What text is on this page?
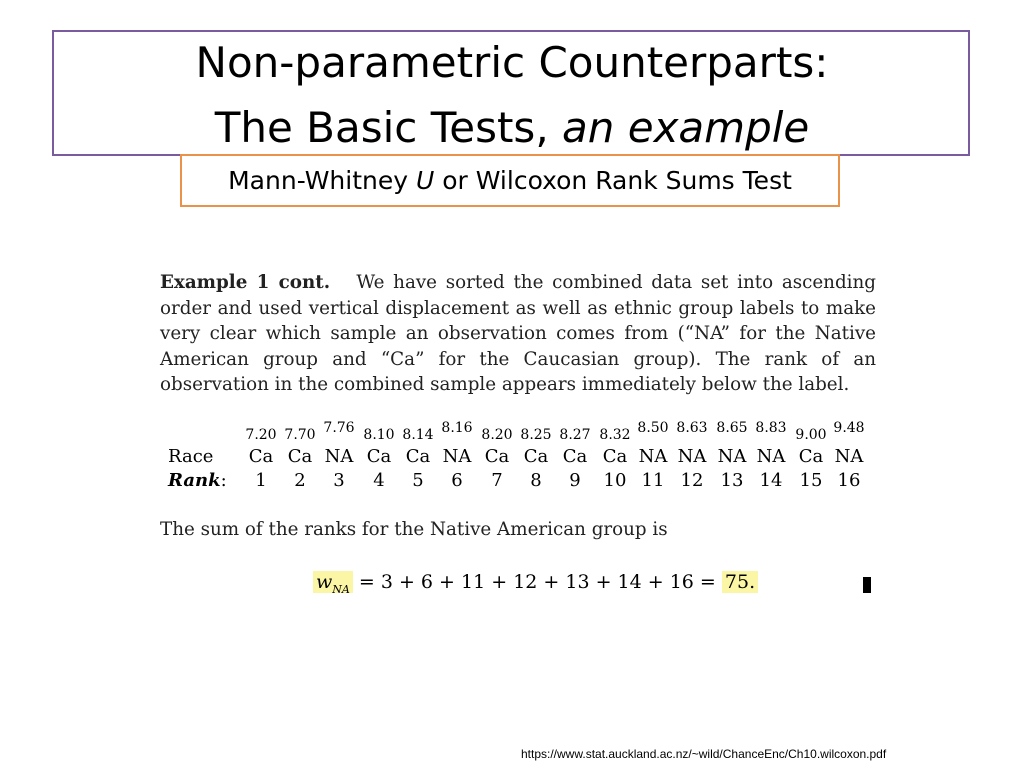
Non-parametric Counterparts:
The Basic Tests, an example
Mann-Whitney U or Wilcoxon Rank Sums Test
Example 1 cont. We have sorted the combined data set into ascending order and used vertical displacement as well as ethnic group labels to make very clear which sample an observation comes from (“NA” for the Native American group and “Ca” for the Caucasian group). The rank of an observation in the combined sample appears immediately below the label.
Race
Rank:
7.20
Ca
1
7.70
Ca
2
7.76
NA
3
8.10
Ca
4
8.14
Ca
5
8.16
NA
6
8.20
Ca
7
8.25
Ca
8
8.27
Ca
9
8.32
Ca
10
8.50
NA
11
8.63
NA
12
8.65
NA
13
8.83
NA
14
9.00
Ca
15
9.48
NA
16
The sum of the ranks for the Native American group is
$w_{NA} = 3 + 6 + 11 + 12 + 13 + 14 + 16 = 75$.
https://www.stat.auckland.ac.nz/~wild/ChanceEnc/Ch10.wilcoxon.pdf
